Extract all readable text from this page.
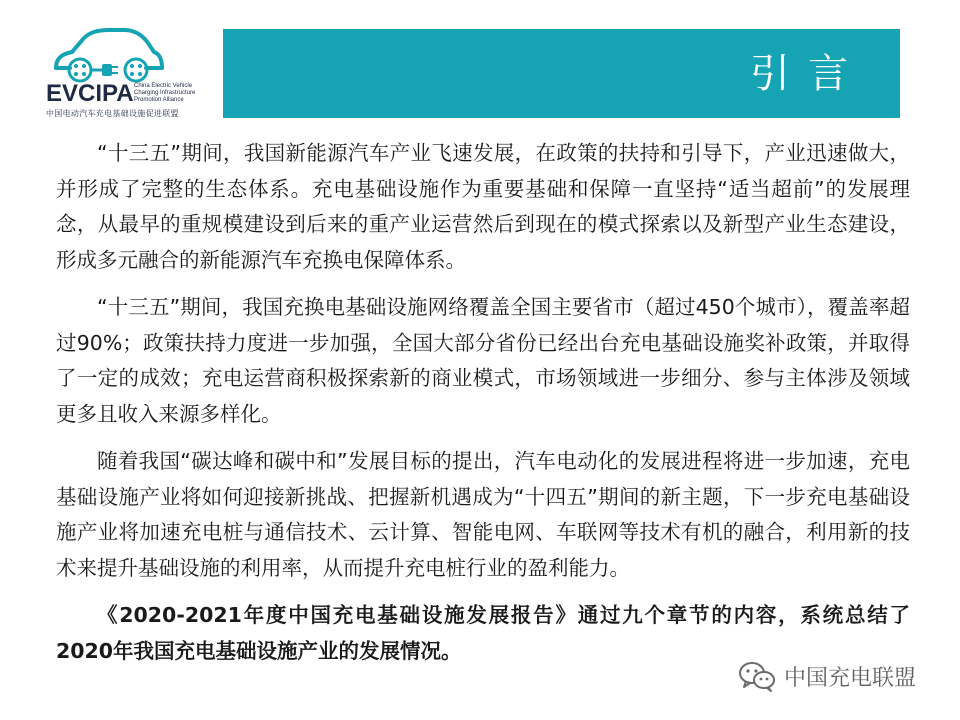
EVCIPA China Electric Vehicle
Charging Infrastructure
Promotion Alliance
中国电动汽车充电基础设施促进联盟
引言

“十三五”期间，我国新能源汽车产业飞速发展，在政策的扶持和引导下，产业迅速做大，并形成了完整的生态体系。充电基础设施作为重要基础和保障一直坚持“适当超前”的发展理念，从最早的重规模建设到后来的重产业运营然后到现在的模式探索以及新型产业生态建设，形成多元融合的新能源汽车充换电保障体系。

“十三五”期间，我国充换电基础设施网络覆盖全国主要省市（超过450个城市），覆盖率超过90%；政策扶持力度进一步加强，全国大部分省份已经出台充电基础设施奖补政策，并取得了一定的成效；充电运营商积极探索新的商业模式，市场领域进一步细分、参与主体涉及领域更多且收入来源多样化。

随着我国“碳达峰和碳中和”发展目标的提出，汽车电动化的发展进程将进一步加速，充电基础设施产业将如何迎接新挑战、把握新机遇成为“十四五”期间的新主题，下一步充电基础设施产业将加速充电桩与通信技术、云计算、智能电网、车联网等技术有机的融合，利用新的技术来提升基础设施的利用率，从而提升充电桩行业的盈利能力。

《2020-2021年度中国充电基础设施发展报告》通过九个章节的内容，系统总结了2020年我国充电基础设施产业的发展情况。

中国充电联盟
